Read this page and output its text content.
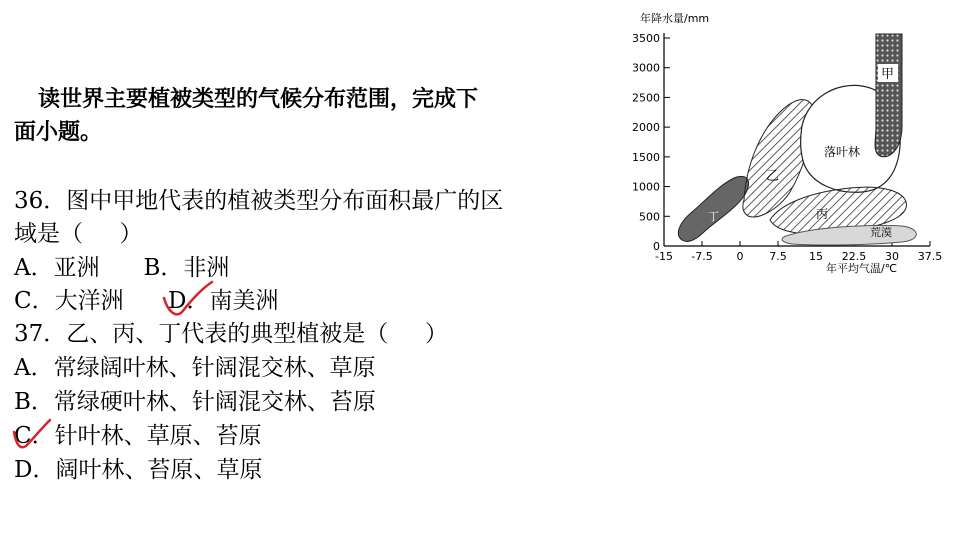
读世界主要植被类型的气候分布范围，完成下
面小题。
36．图中甲地代表的植被类型分布面积最广的区
域是（     ）
A．亚洲      B．非洲
C．大洋洲 D．南美洲
37．乙、丙、丁代表的典型植被是（     ）
A．常绿阔叶林、针阔混交林、草原
B．常绿硬叶林、针阔混交林、苔原
C．针叶林、草原、苔原
D．阔叶林、苔原、草原
年降水量/mm
0
500
1000
1500
2000
2500
3000
3500
-15 -7.5 0 7.5 15 22.5 30 37.5
丁
乙
落叶林
丙
荒漠
甲
年平均气温/℃
